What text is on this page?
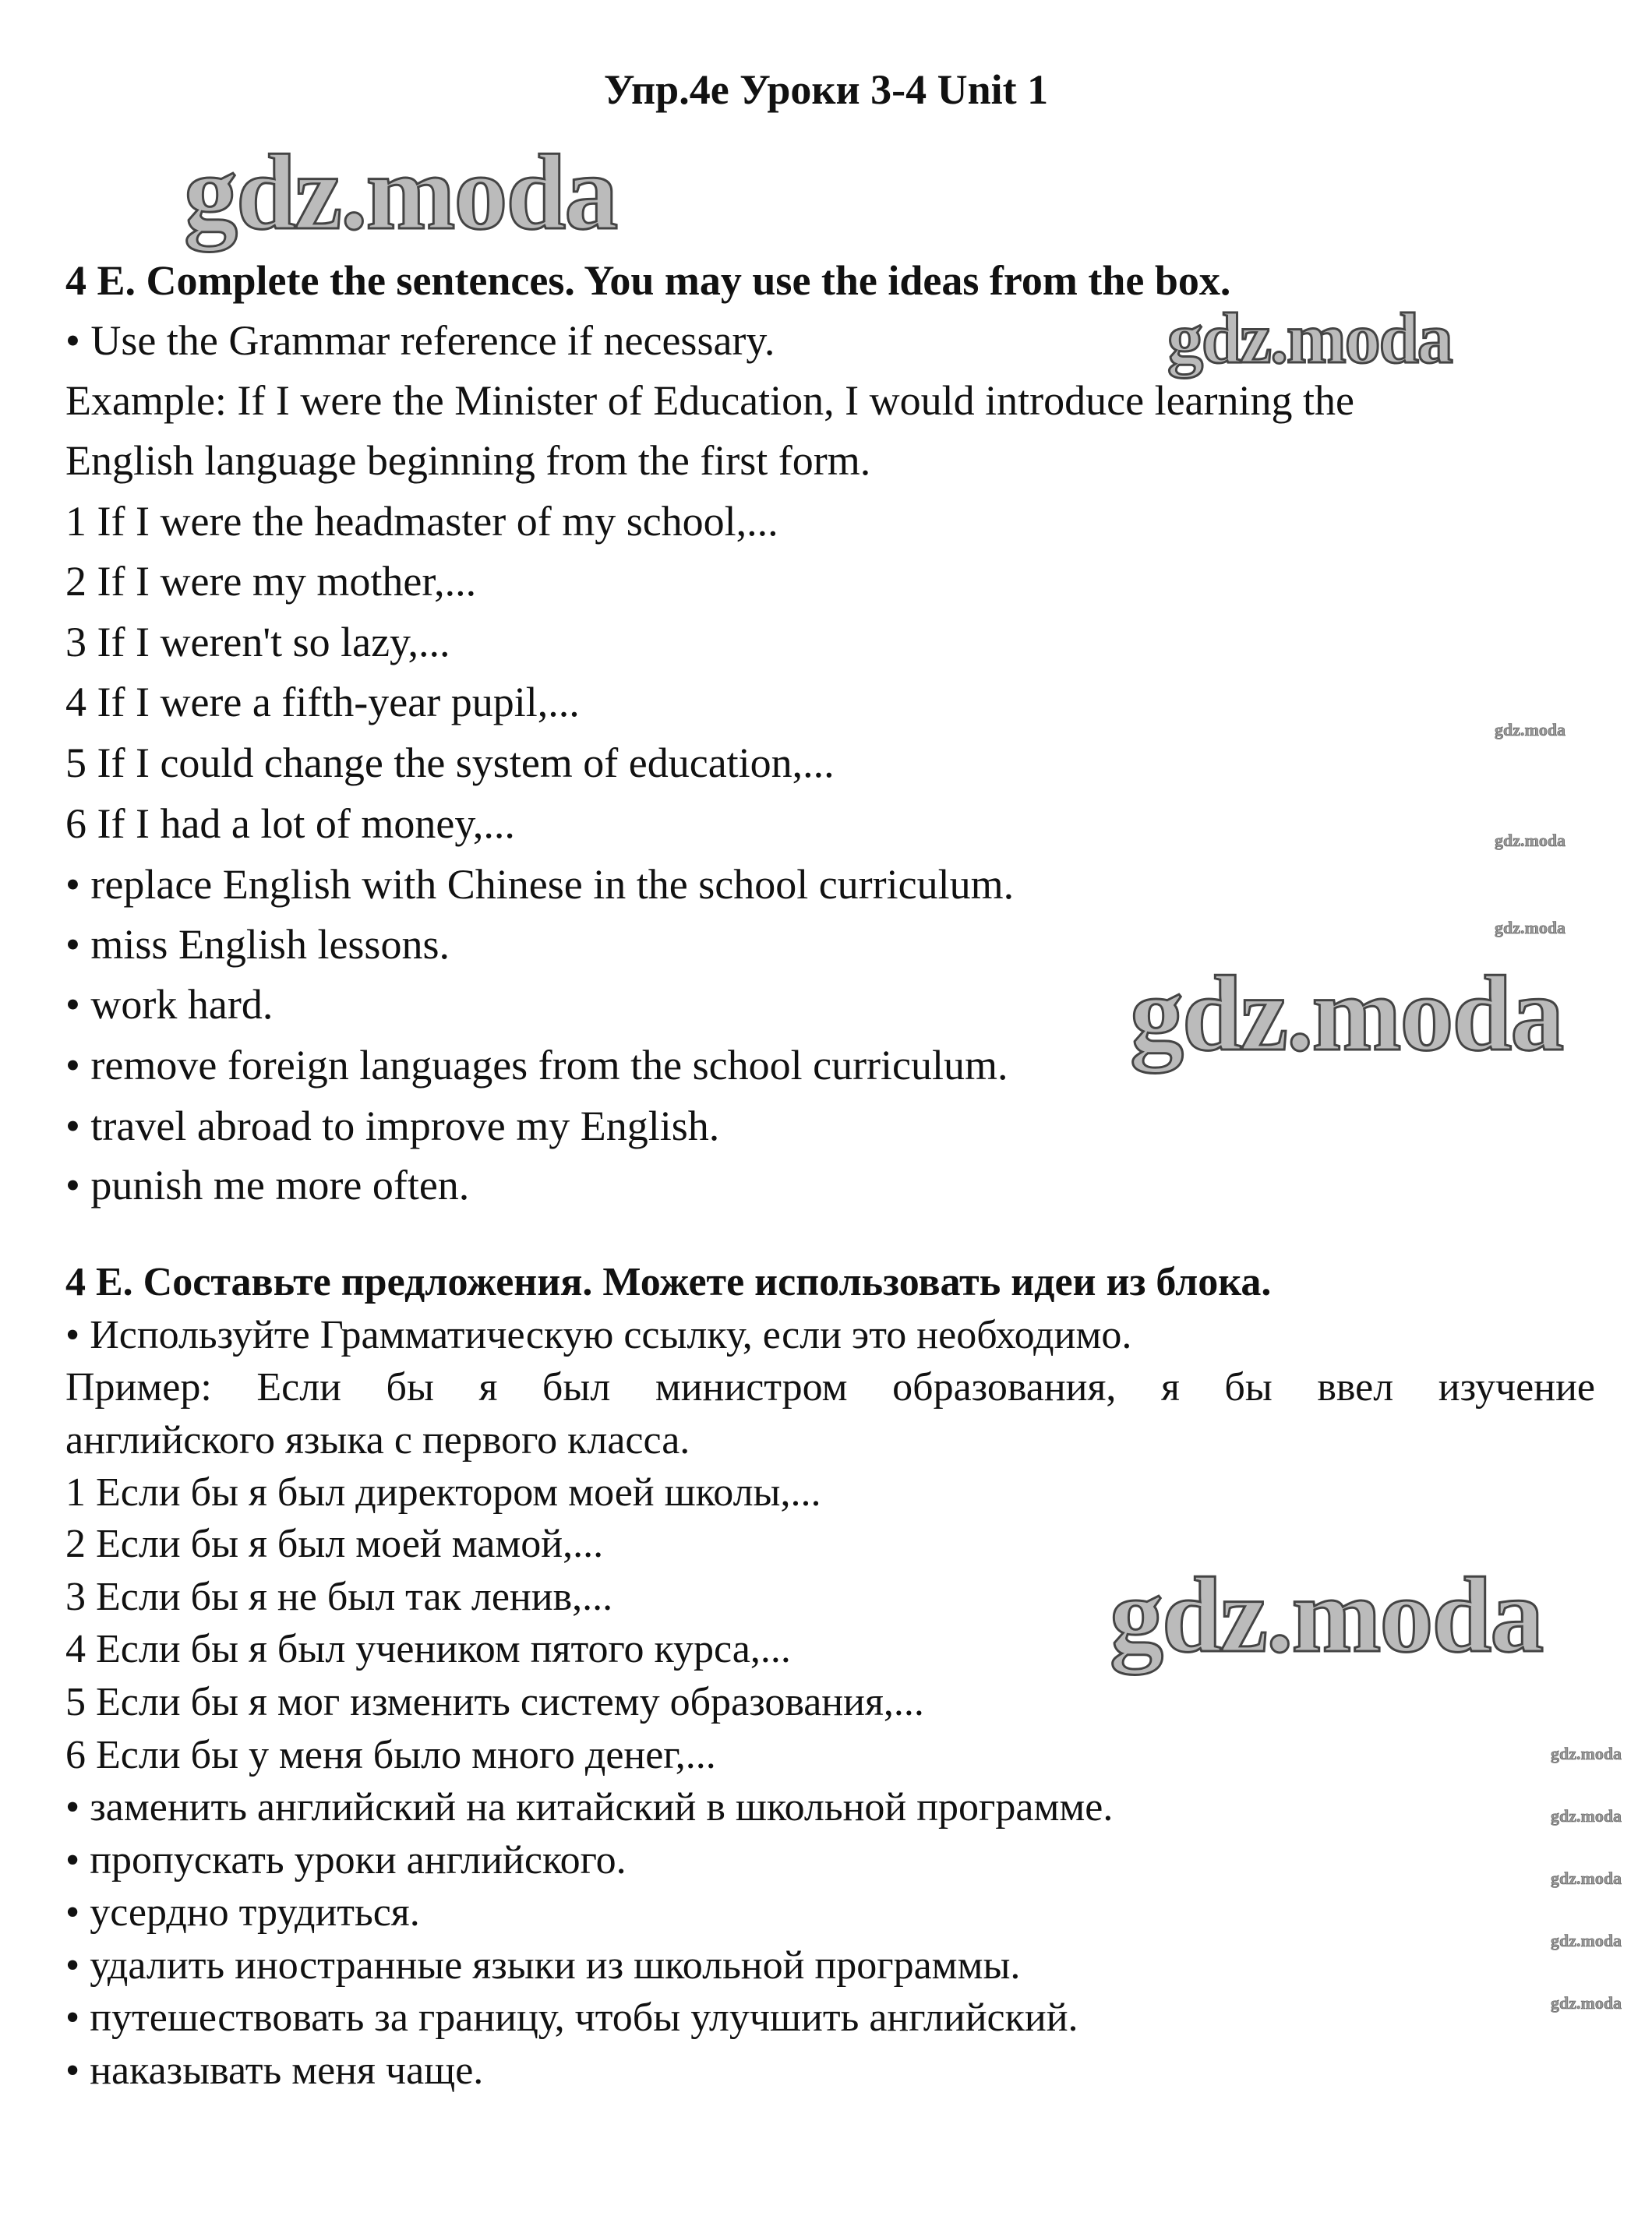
Упр.4е Уроки 3-4 Unit 1
gdz.moda
gdz.moda
gdz.moda
gdz.moda
gdz.moda
gdz.moda
gdz.moda
gdz.moda
gdz.moda
gdz.moda
gdz.moda
gdz.moda
4 E. Complete the sentences. You may use the ideas from the box.
• Use the Grammar reference if necessary.
Example: If I were the Minister of Education, I would introduce learning the
English language beginning from the first form.
1 If I were the headmaster of my school,...
2 If I were my mother,...
3 If I weren't so lazy,...
4 If I were a fifth-year pupil,...
5 If I could change the system of education,...
6 If I had a lot of money,...
• replace English with Chinese in the school curriculum.
• miss English lessons.
• work hard.
• remove foreign languages from the school curriculum.
• travel abroad to improve my English.
• punish me more often.
4 E. Составьте предложения. Можете использовать идеи из блока.
• Используйте Грамматическую ссылку, если это необходимо.
Пример: Если бы я был министром образования, я бы ввел изучение
английского языка с первого класса.
1 Если бы я был директором моей школы,...
2 Если бы я был моей мамой,...
3 Если бы я не был так ленив,...
4 Если бы я был учеником пятого курса,...
5 Если бы я мог изменить систему образования,...
6 Если бы у меня было много денег,...
• заменить английский на китайский в школьной программе.
• пропускать уроки английского.
• усердно трудиться.
• удалить иностранные языки из школьной программы.
• путешествовать за границу, чтобы улучшить английский.
• наказывать меня чаще.
